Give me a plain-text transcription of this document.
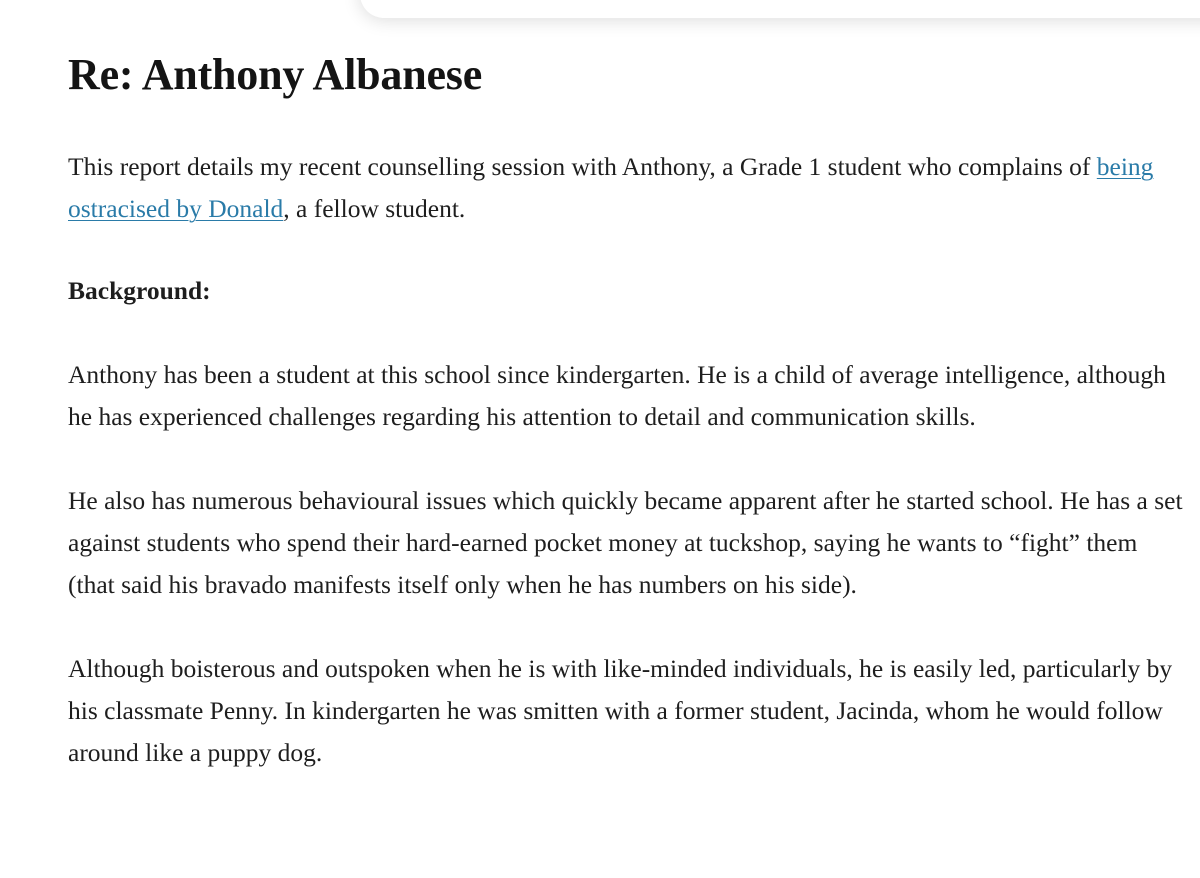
Re: Anthony Albanese

This report details my recent counselling session with Anthony, a Grade 1 student who complains of being ostracised by Donald, a fellow student.

Background:

Anthony has been a student at this school since kindergarten. He is a child of average intelligence, although he has experienced challenges regarding his attention to detail and communication skills.

He also has numerous behavioural issues which quickly became apparent after he started school. He has a set against students who spend their hard-earned pocket money at tuckshop, saying he wants to “fight” them (that said his bravado manifests itself only when he has numbers on his side).

Although boisterous and outspoken when he is with like-minded individuals, he is easily led, particularly by his classmate Penny. In kindergarten he was smitten with a former student, Jacinda, whom he would follow around like a puppy dog.
